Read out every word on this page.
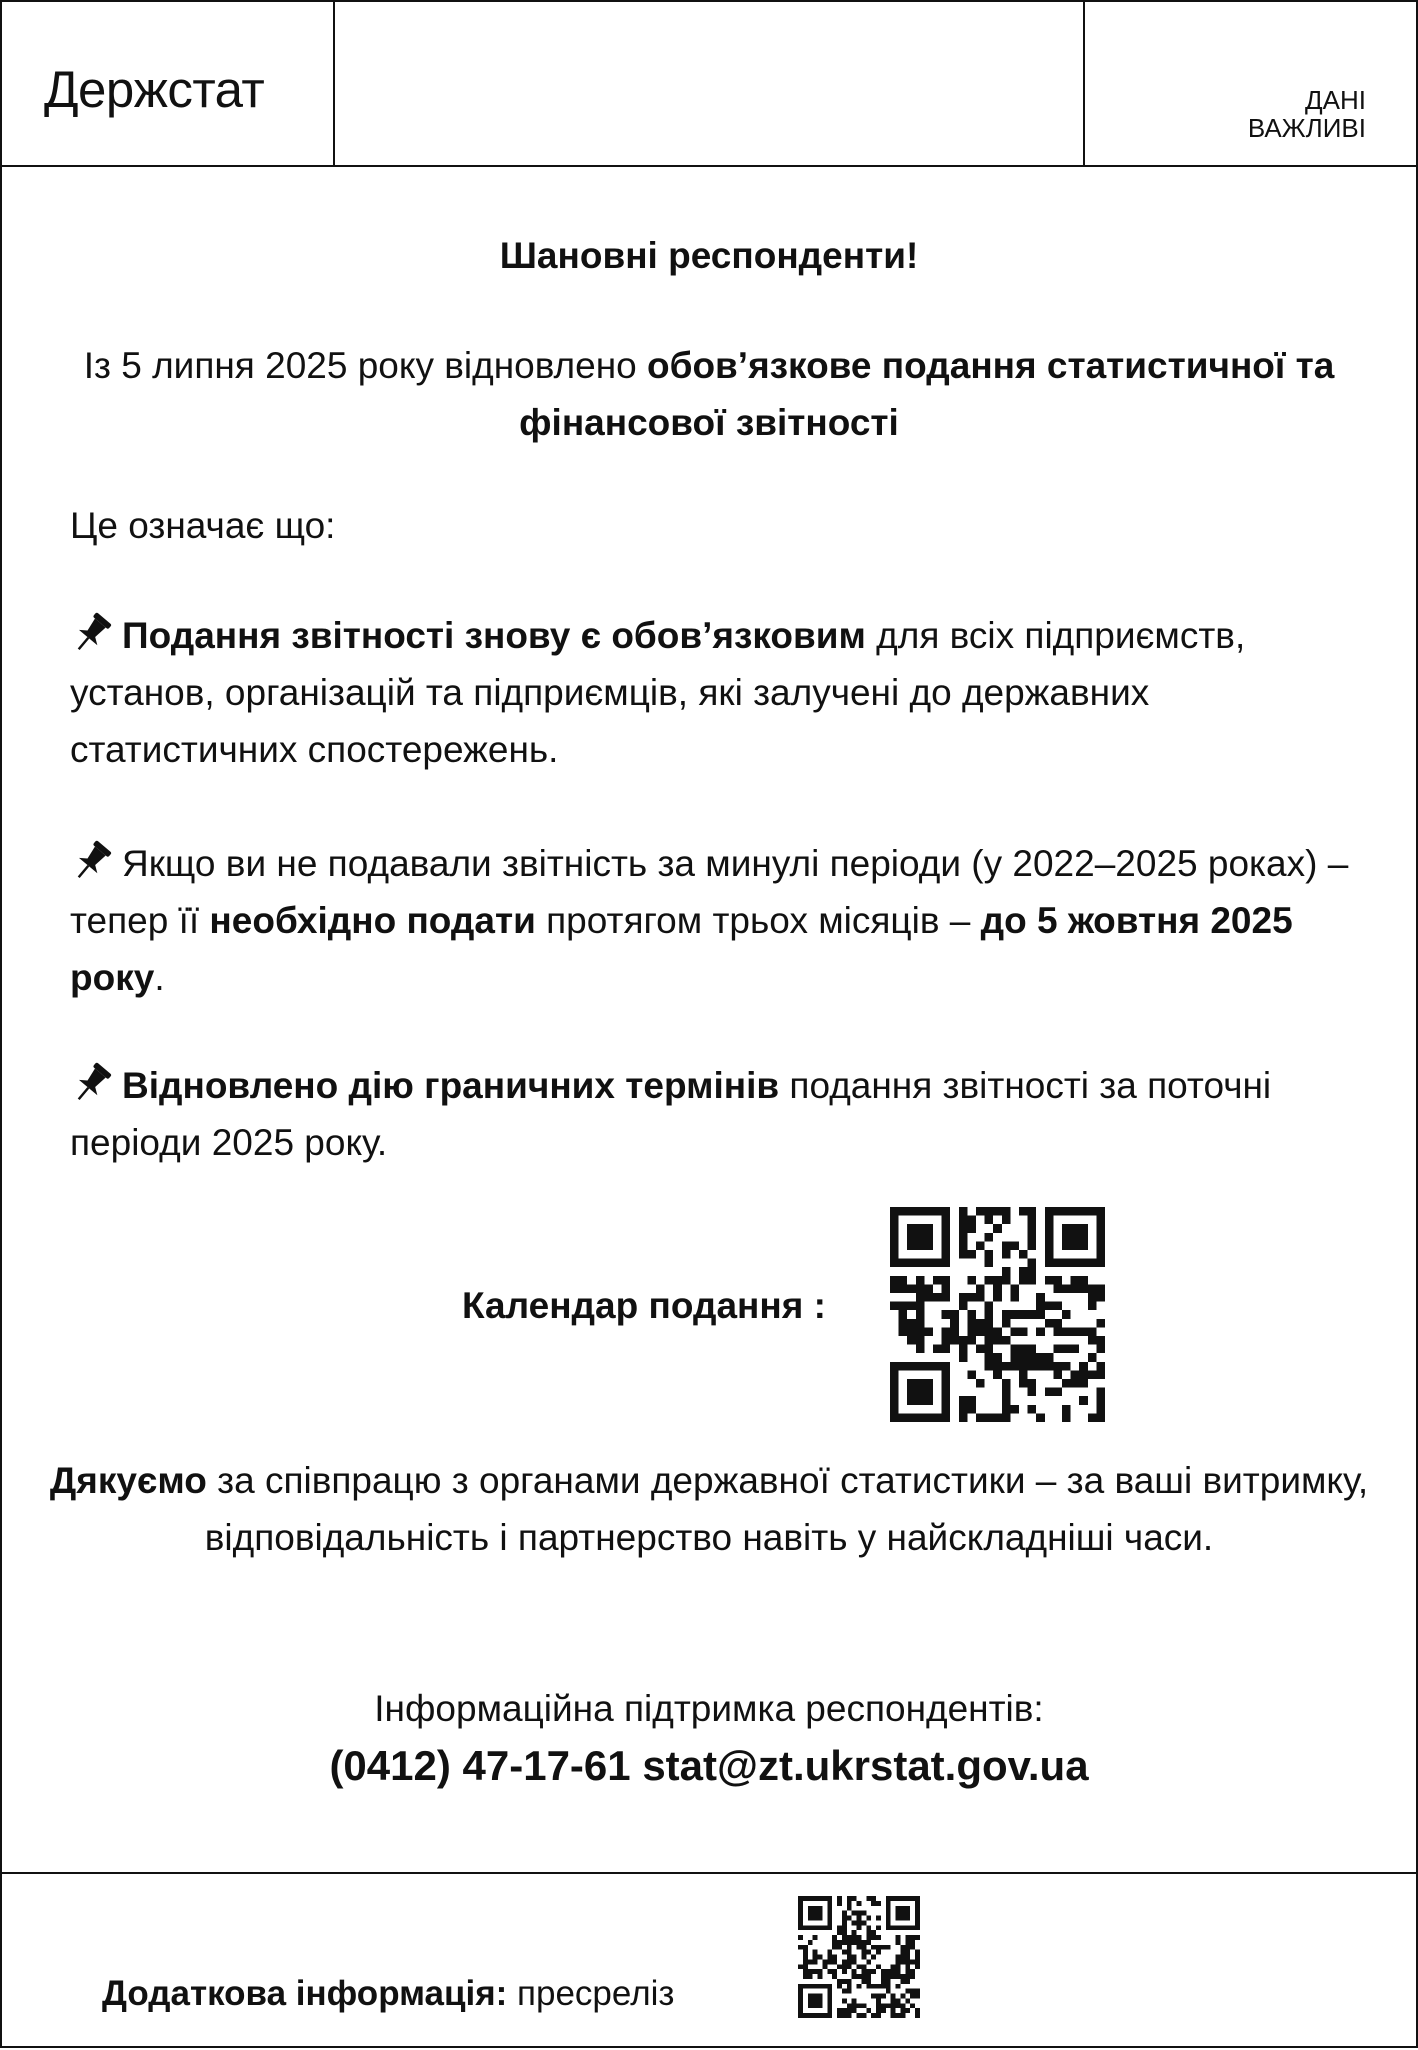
Держстат	ДАНІ
ВАЖЛИВІ
Шановні респонденти!
Із 5 липня 2025 року відновлено обов’язкове подання статистичної та фінансової звітності
Це означає що:
Подання звітності знову є обов’язковим для всіх підприємств, установ, організацій та підприємців, які залучені до державних статистичних спостережень.
Якщо ви не подавали звітність за минулі періоди (у 2022–2025 роках) – тепер її необхідно подати протягом трьох місяців – до 5 жовтня 2025 року.
Відновлено дію граничних термінів подання звітності за поточні періоди 2025 року.
Календар подання :
Дякуємо за співпрацю з органами державної статистики – за ваші витримку, відповідальність і партнерство навіть у найскладніші часи.
Інформаційна підтримка респондентів:
(0412) 47-17-61 stat@zt.ukrstat.gov.ua
Додаткова інформація: пресреліз
